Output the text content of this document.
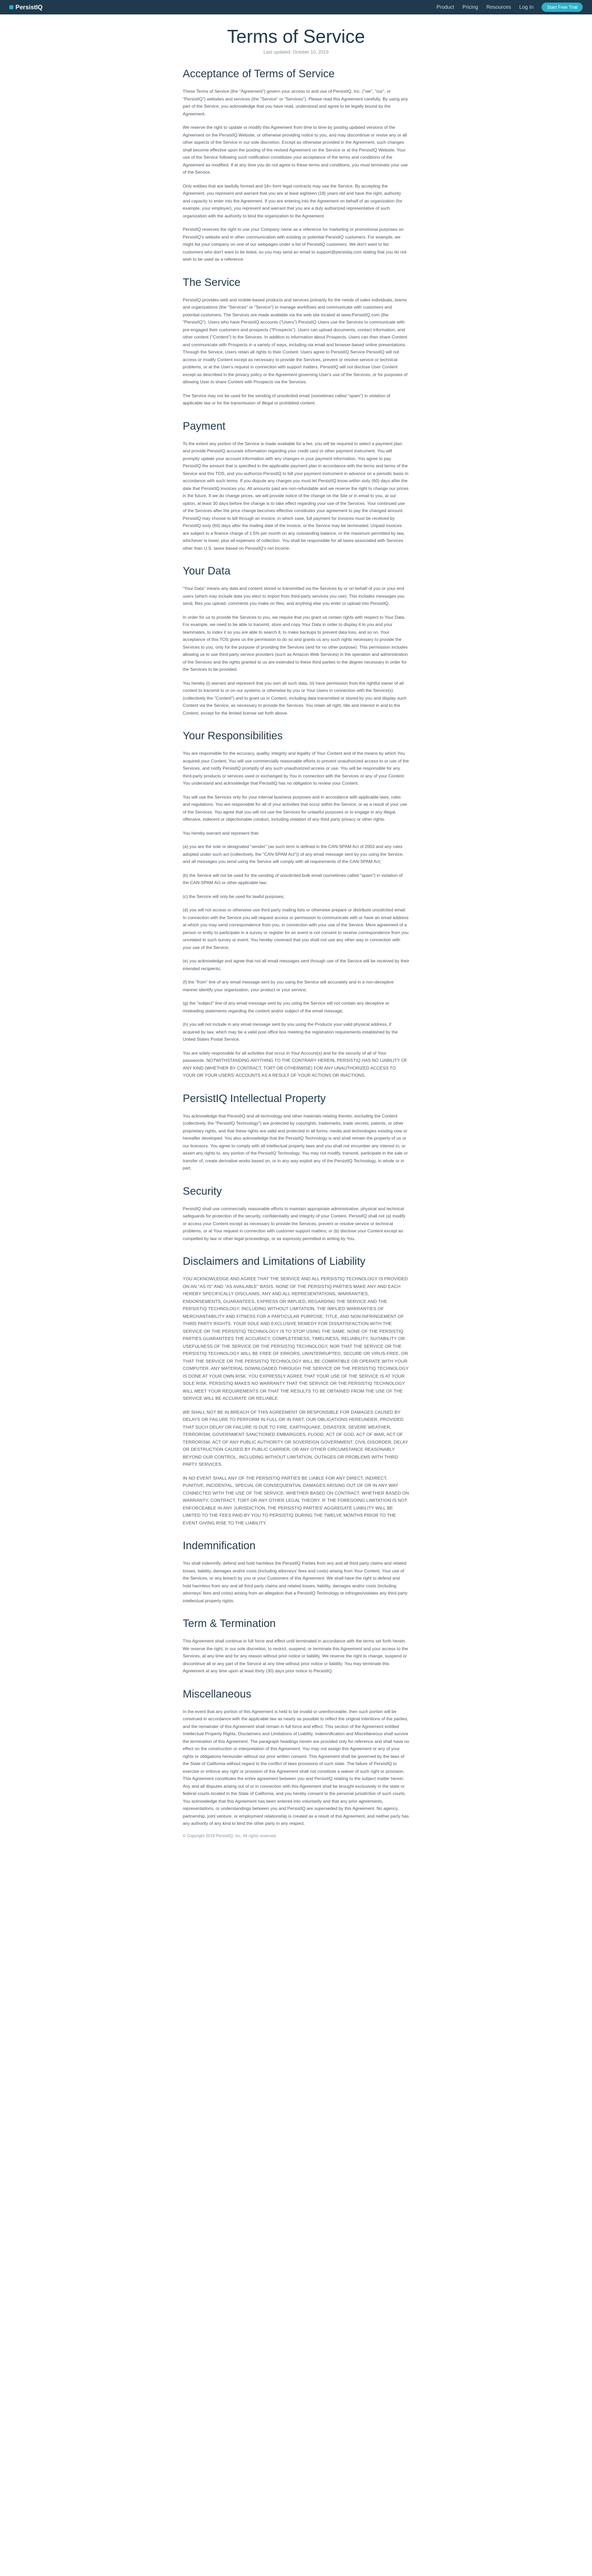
PersistIQ	Product Pricing Resources Log In	Start Free Trial
Terms of Service
Last updated: October 10, 2019
Acceptance of Terms of Service

These Terms of Service (the "Agreement") govern your access to and use of PersistIQ, Inc. ("we", "our", or "PersistIQ") websites and services (the "Service" or "Services"). Please read this Agreement carefully. By using any part of the Service, you acknowledge that you have read, understood and agree to be legally bound by the Agreement.

We reserve the right to update or modify this Agreement from time to time by posting updated versions of the Agreement on the PersistIQ Website, or otherwise providing notice to you, and may discontinue or revise any or all other aspects of the Service in our sole discretion. Except as otherwise provided in the Agreement, such changes shall become effective upon the posting of the revised Agreement on the Service or at the PersistIQ Website. Your use of the Service following such notification constitutes your acceptance of the terms and conditions of the Agreement as modified. If at any time you do not agree to these terms and conditions, you must terminate your use of the Service.

Only entities that are lawfully formed and 18+ form legal contracts may use the Service. By accepting the Agreement, you represent and warrant that you are at least eighteen (18) years old and have the right, authority and capacity to enter into the Agreement. If you are entering into the Agreement on behalf of an organization (for example, your employer), you represent and warrant that you are a duly authorized representative of such organization with the authority to bind the organization to the Agreement.

PersistIQ reserves the right to use your Company name as a reference for marketing or promotional purposes on PersistIQ's website and in other communication with existing or potential PersistIQ customers. For example, we might list your company on one of our webpages under a list of PersistIQ customers. We don't want to list customers who don't want to be listed, so you may send an email to support@persistiq.com stating that you do not wish to be used as a reference.

The Service

PersistIQ provides web and mobile-based products and services primarily for the needs of sales individuals, teams and organizations (the "Services" or "Service") to manage workflows and communicate with customers and potential customers. The Services are made available via the web site located at www.PersistIQ.com (the "PersistIQ"). Users who have PersistIQ accounts ("Users") PersistIQ Users use the Services to communicate with pre-engaged their customers and prospects ("Prospects"). Users can upload documents, contact information, and other content ("Content") to the Services. In addition to information about Prospects, Users can then share Content and communicate with Prospects in a variety of ways, including via email and browser-based online presentations. Through the Service, Users retain all rights to their Content. Users agree to PersistIQ Service PersistIQ will not access or modify Content except as necessary to provide the Services, prevent or resolve service or technical problems, or at the User's request in connection with support matters. PersistIQ will not disclose User Content except as described in the privacy policy or the Agreement governing User's use of the Services, or for purposes of allowing User to share Content with Prospects via the Services.

The Service may not be used for the sending of unsolicited email (sometimes called "spam") in violation of applicable law or for the transmission of illegal or prohibited content.

Payment

To the extent any portion of the Service is made available for a fee, you will be required to select a payment plan and provide PersistIQ accurate information regarding your credit card or other payment instrument. You will promptly update your account information with any changes in your payment information. You agree to pay PersistIQ the amount that is specified in the applicable payment plan in accordance with the terms and terms of the Service and this TOS, and you authorize PersistIQ to bill your payment instrument in advance on a periodic basis in accordance with such terms. If you dispute any charges you must let PersistIQ know within sixty (60) days after the date that PersistIQ invoices you. All amounts paid are non-refundable and we reserve the right to change our prices in the future. If we do change prices, we will provide notice of the change on the Site or in email to you, at our option, at least 30 days before the change is to take effect regarding your use of the Services. Your continued use of the Services after the price change becomes effective constitutes your agreement to pay the changed amount. PersistIQ may choose to bill through an invoice, in which case, full payment for invoices must be received by PersistIQ sixty (60) days after the mailing date of the invoice, or the Service may be terminated. Unpaid invoices are subject to a finance charge of 1.5% per month on any outstanding balance, or the maximum permitted by law, whichever is lower, plus all expenses of collection. You shall be responsible for all taxes associated with Services other than U.S. taxes based on PersistIQ's net income.

Your Data

"Your Data" means any data and content stored or transmitted via the Services by or on behalf of you or your end users (which may include data you elect to import from third-party services you use). This includes messages you send, files you upload, comments you make on files, and anything else you enter or upload into PersistIQ.

In order for us to provide the Services to you, we require that you grant us certain rights with respect to Your Data. For example, we need to be able to transmit, store and copy Your Data in order to display it to you and your teammates, to index it so you are able to search it, to make backups to prevent data loss, and so on. Your acceptance of this TOS gives us the permission to do so and grants us any such rights necessary to provide the Services to you, only for the purpose of providing the Services (and for no other purpose). This permission includes allowing us to use third-party service providers (such as Amazon Web Services) in the operation and administration of the Services and the rights granted to us are extended to these third parties to the degree necessary in order for the Services to be provided.

You hereby (i) warrant and represent that you own all such data, (ii) have permission from the rightful owner of all content to transmit to or on our systems or otherwise by you or Your Users in connection with the Service(s) (collectively the "Content") and to grant us in Content, including data transmitted or stored by you and display such Content via the Service, as necessary to provide the Services. You retain all right, title and interest in and to the Content, except for the limited license set forth above.

Your Responsibilities

You are responsible for the accuracy, quality, integrity and legality of Your Content and of the means by which You acquired your Content. You will use commercially reasonable efforts to prevent unauthorized access to or use of the Services, and notify PersistIQ promptly of any such unauthorized access or use. You will be responsible for any third-party products or services used or exchanged by You in connection with the Services or any of your Content. You understand and acknowledge that PersistIQ has no obligation to review your Content.

You will use the Services only for your internal business purposes and in accordance with applicable laws, rules and regulations. You are responsible for all of your activities that occur within the Service, or as a result of your use of the Services. You agree that you will not use the Services for unlawful purposes or to engage in any illegal, offensive, indecent or objectionable conduct, including violation of any third party privacy or other rights.

You hereby warrant and represent that:

(a) you are the sole or designated "sender" (as such term is defined in the CAN-SPAM Act of 2003 and any rules adopted under such act (collectively, the "CAN-SPAM Act")) of any email message sent by you using the Service, and all messages you send using the Service will comply with all requirements of the CAN-SPAM Act;

(b) the Service will not be used for the sending of unsolicited bulk email (sometimes called "spam") in violation of the CAN-SPAM Act or other applicable law;

(c) the Service will only be used for lawful purposes;

(d) you will not access or otherwise use third party mailing lists or otherwise prepare or distribute unsolicited email. In connection with the Service you will request access or permission to communicate with or have an email address at which you may send correspondence from you, in connection with your use of the Service. Mere agreement of a person or entity to participate in a survey or register for an event is not consent to receive correspondence from you unrelated to such survey or event. You hereby covenant that you shall not use any other way in connection with your use of the Service;

(e) you acknowledge and agree that not all email messages sent through use of the Service will be received by their intended recipients;

(f) the "from" line of any email message sent by you using the Service will accurately and in a non-deceptive manner identify your organization, your product or your service;

(g) the "subject" line of any email message sent by you using the Service will not contain any deceptive or misleading statements regarding the content and/or subject of the email message;

(h) you will not include in any email message sent by you using the Products your valid physical address, if acquired by law, which may be a valid post office box meeting the registration requirements established by the United States Postal Service.

You are solely responsible for all activities that occur in Your Account(s) and for the security of all of Your passwords. NOTWITHSTANDING ANYTHING TO THE CONTRARY HEREIN, PERSISTIQ HAS NO LIABILITY OF ANY KIND (WHETHER BY CONTRACT, TORT OR OTHERWISE) FOR ANY UNAUTHORIZED ACCESS TO YOUR OR YOUR USERS' ACCOUNTS AS A RESULT OF YOUR ACTIONS OR INACTIONS.

PersistIQ Intellectual Property

You acknowledge that PersistIQ and all technology and other materials relating thereto, excluding the Content (collectively, the "PersistIQ Technology") are protected by copyrights, trademarks, trade secrets, patents, or other proprietary rights, and that these rights are valid and protected in all forms, media and technologies existing now or hereafter developed. You also acknowledge that the PersistIQ Technology is and shall remain the property of us or our licensors. You agree to comply with all intellectual property laws and you shall not encumber any interest in, or assert any rights to, any portion of the PersistIQ Technology. You may not modify, transmit, participate in the sale or transfer of, create derivative works based on, or in any way exploit any of the PersistIQ Technology, in whole or in part.

Security

PersistIQ shall use commercially reasonable efforts to maintain appropriate administrative, physical and technical safeguards for protection of the security, confidentiality and integrity of your Content. PersistIQ shall not (a) modify or access your Content except as necessary to provide the Services, prevent or resolve service or technical problems, or at Your request in connection with customer support matters; or (b) disclose your Content except as compelled by law or other legal proceedings, or as expressly permitted in writing by You.

Disclaimers and Limitations of Liability

YOU ACKNOWLEDGE AND AGREE THAT THE SERVICE AND ALL PERSISTIQ TECHNOLOGY IS PROVIDED ON AN "AS IS" AND "AS AVAILABLE" BASIS. NONE OF THE PERSISTIQ PARTIES MAKE ANY AND EACH HEREBY SPECIFICALLY DISCLAIMS, ANY AND ALL REPRESENTATIONS, WARRANTIES, ENDORSEMENTS, GUARANTEES, EXPRESS OR IMPLIED, REGARDING THE SERVICE AND THE PERSISTIQ TECHNOLOGY, INCLUDING WITHOUT LIMITATION, THE IMPLIED WARRANTIES OF MERCHANTABILITY AND FITNESS FOR A PARTICULAR PURPOSE, TITLE, AND NON-INFRINGEMENT OF THIRD PARTY RIGHTS. YOUR SOLE AND EXCLUSIVE REMEDY FOR DISSATISFACTION WITH THE SERVICE OR THE PERSISTIQ TECHNOLOGY IS TO STOP USING THE SAME. NONE OF THE PERSISTIQ PARTIES GUARANTEES THE ACCURACY, COMPLETENESS, TIMELINESS, RELIABILITY, SUITABILITY OR USEFULNESS OF THE SERVICE OR THE PERSISTIQ TECHNOLOGY, NOR THAT THE SERVICE OR THE PERSISTIQ TECHNOLOGY WILL BE FREE OF ERRORS, UNINTERRUPTED, SECURE OR VIRUS-FREE, OR THAT THE SERVICE OR THE PERSISTIQ TECHNOLOGY WILL BE COMPATIBLE OR OPERATE WITH YOUR COMPUTER. ANY MATERIAL DOWNLOADED THROUGH THE SERVICE OR THE PERSISTIQ TECHNOLOGY IS DONE AT YOUR OWN RISK. YOU EXPRESSLY AGREE THAT YOUR USE OF THE SERVICE IS AT YOUR SOLE RISK. PERSISTIQ MAKES NO WARRANTY THAT THE SERVICE OR THE PERSISTIQ TECHNOLOGY WILL MEET YOUR REQUIREMENTS OR THAT THE RESULTS TO BE OBTAINED FROM THE USE OF THE SERVICE WILL BE ACCURATE OR RELIABLE.

WE SHALL NOT BE IN BREACH OF THIS AGREEMENT OR RESPONSIBLE FOR DAMAGES CAUSED BY DELAYS OR FAILURE TO PERFORM IN FULL OR IN PART, OUR OBLIGATIONS HEREUNDER, PROVIDED THAT SUCH DELAY OR FAILURE IS DUE TO FIRE, EARTHQUAKE, DISASTER, SEVERE WEATHER, TERRORISM, GOVERNMENT SANCTIONED EMBARGOES, FLOOD, ACT OF GOD, ACT OF WAR, ACT OF TERRORISM, ACT OF ANY PUBLIC AUTHORITY OR SOVEREIGN GOVERNMENT, CIVIL DISORDER, DELAY OR DESTRUCTION CAUSED BY PUBLIC CARRIER, OR ANY OTHER CIRCUMSTANCE REASONABLY BEYOND OUR CONTROL, INCLUDING WITHOUT LIMITATION, OUTAGES OR PROBLEMS WITH THIRD PARTY SERVICES.

IN NO EVENT SHALL ANY OF THE PERSISTIQ PARTIES BE LIABLE FOR ANY DIRECT, INDIRECT, PUNITIVE, INCIDENTAL, SPECIAL OR CONSEQUENTIAL DAMAGES ARISING OUT OF OR IN ANY WAY CONNECTED WITH THE USE OF THE SERVICE, WHETHER BASED ON CONTRACT, WHETHER BASED ON WARRANTY, CONTRACT, TORT OR ANY OTHER LEGAL THEORY. IF THE FOREGOING LIMITATION IS NOT ENFORCEABLE IN ANY JURISDICTION, THE PERSISTIQ PARTIES' AGGREGATE LIABILITY WILL BE LIMITED TO THE FEES PAID BY YOU TO PERSISTIQ DURING THE TWELVE MONTHS PRIOR TO THE EVENT GIVING RISE TO THE LIABILITY.

Indemnification

You shall indemnify, defend and hold harmless the PersistIQ Parties from any and all third party claims and related losses, liability, damages and/or costs (including attorneys' fees and costs) arising from Your Content, Your use of the Services, or any breach by you or your Customers of this Agreement. We shall have the right to defend and hold harmless from any and all third party claims and related losses, liability, damages and/or costs (including attorneys' fees and costs) arising from an allegation that a PersistIQ Technology or infringes/violates any third party intellectual property rights.

Term & Termination

This Agreement shall continue in full force and effect until terminated in accordance with the terms set forth herein. We reserve the right, in our sole discretion, to restrict, suspend, or terminate this Agreement and your access to the Services, at any time and for any reason without prior notice or liability. We reserve the right to change, suspend or discontinue all or any part of the Service at any time without prior notice or liability. You may terminate this Agreement at any time upon at least thirty (30) days prior notice to PersistIQ.

Miscellaneous

In the event that any portion of this Agreement is held to be invalid or unenforceable, then such portion will be construed in accordance with the applicable law as nearly as possible to reflect the original intentions of the parties, and the remainder of this Agreement shall remain in full force and effect. This section of the Agreement entitled Intellectual Property Rights, Disclaimers and Limitations of Liability, Indemnification and Miscellaneous shall survive the termination of this Agreement. The paragraph headings herein are provided only for reference and shall have no effect on the construction or interpretation of this Agreement. You may not assign this Agreement or any of your rights or obligations hereunder without our prior written consent. This Agreement shall be governed by the laws of the State of California without regard to the conflict of laws provisions of such state. The failure of PersistIQ to exercise or enforce any right or provision of this Agreement shall not constitute a waiver of such right or provision. This Agreement constitutes the entire agreement between you and PersistIQ relating to the subject matter herein. Any and all disputes arising out of or in connection with this Agreement shall be brought exclusively in the state or federal courts located in the State of California, and you hereby consent to the personal jurisdiction of such courts. You acknowledge that this Agreement has been entered into voluntarily and that any prior agreements, representations, or understandings between you and PersistIQ are superseded by this Agreement. No agency, partnership, joint venture, or employment relationship is created as a result of this Agreement, and neither party has any authority of any kind to bind the other party in any respect.

© Copyright 2019 PersistIQ, Inc. All rights reserved.
